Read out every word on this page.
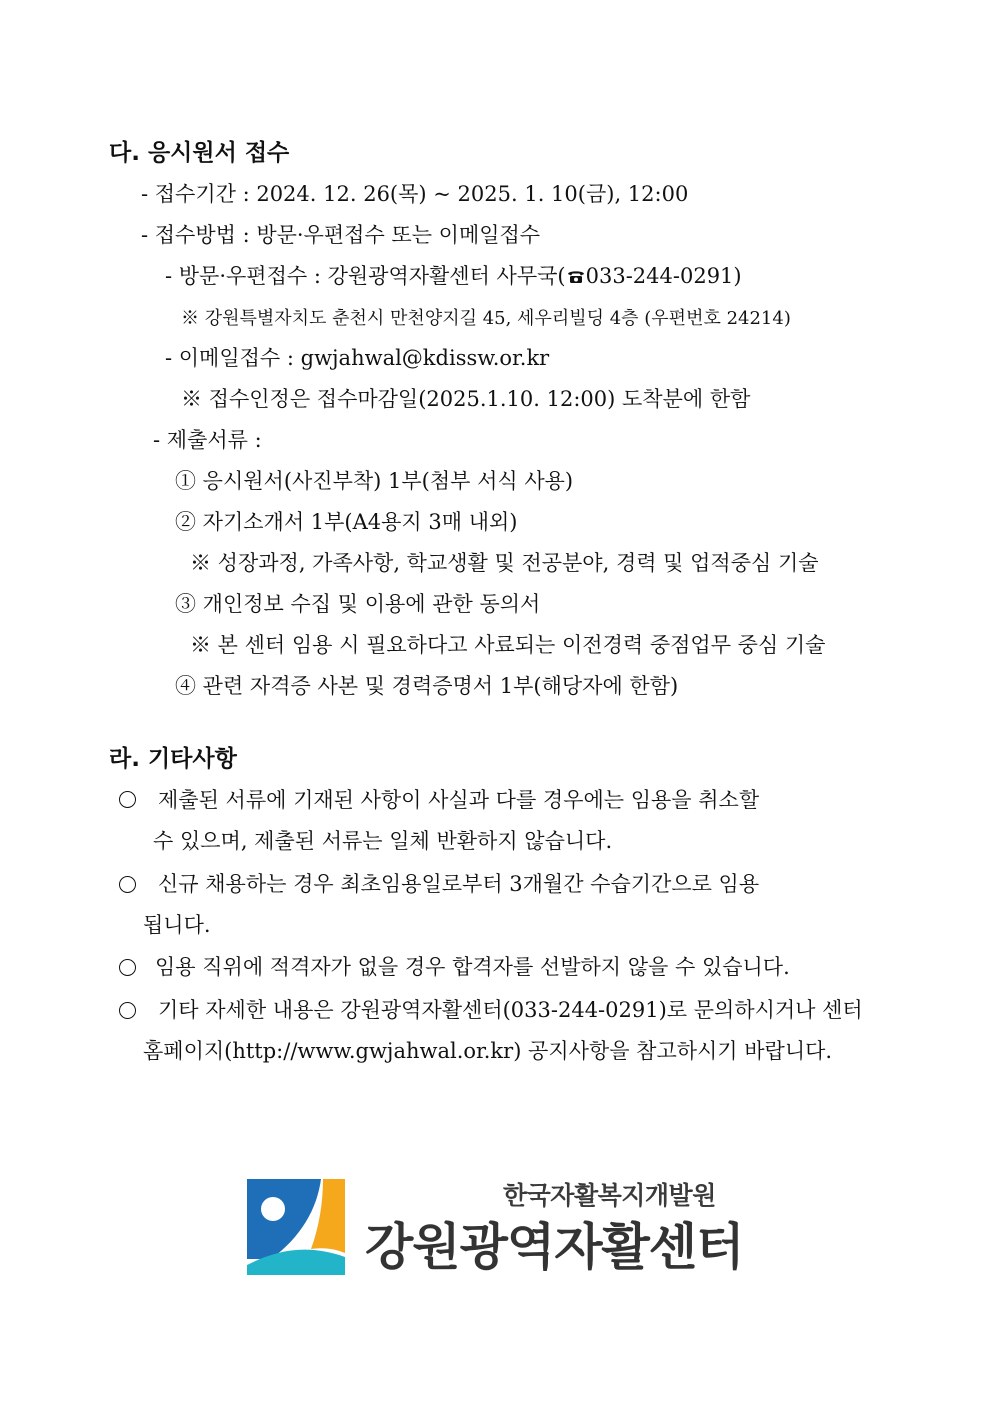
다. 응시원서 접수
- 접수기간 : 2024. 12. 26(목) ~ 2025. 1. 10(금), 12:00
- 접수방법 : 방문·우편접수 또는 이메일접수
- 방문·우편접수 : 강원광역자활센터 사무국( 033-244-0291)
※ 강원특별자치도 춘천시 만천양지길 45, 세우리빌딩 4층 (우편번호 24214)
- 이메일접수 : gwjahwal@kdissw.or.kr
※ 접수인정은 접수마감일(2025.1.10. 12:00) 도착분에 한함
- 제출서류 :
① 응시원서(사진부착) 1부(첨부 서식 사용)
② 자기소개서 1부(A4용지 3매 내외)
※ 성장과정, 가족사항, 학교생활 및 전공분야, 경력 및 업적중심 기술
③ 개인정보 수집 및 이용에 관한 동의서
※ 본 센터 임용 시 필요하다고 사료되는 이전경력 중점업무 중심 기술
④ 관련 자격증 사본 및 경력증명서 1부(해당자에 한함)
라. 기타사항
제출된 서류에 기재된 사항이 사실과 다를 경우에는 임용을 취소할
수 있으며, 제출된 서류는 일체 반환하지 않습니다.
신규 채용하는 경우 최초임용일로부터 3개월간 수습기간으로 임용
됩니다.
임용 직위에 적격자가 없을 경우 합격자를 선발하지 않을 수 있습니다.
기타 자세한 내용은 강원광역자활센터(033-244-0291)로 문의하시거나 센터
홈페이지(http://www.gwjahwal.or.kr) 공지사항을 참고하시기 바랍니다.
한국자활복지개발원
강원광역자활센터
